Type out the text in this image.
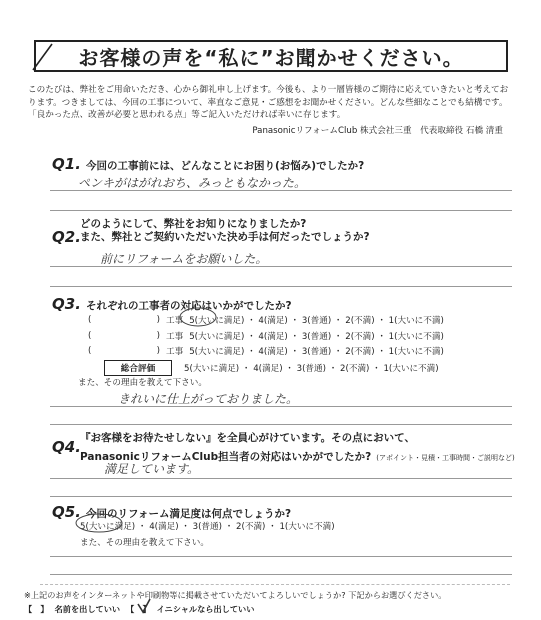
お客様の声を“私に”お聞かせください。
このたびは、弊社をご用命いただき、心から御礼申し上げます。今後も、より一層皆様のご期待に応えていきたいと考えております。つきましては、今回の工事について、率直なご意見・ご感想をお聞かせください。どんな些細なことでも結構です。「良かった点、改善が必要と思われる点」等ご記入いただければ幸いに存じます。
PanasonicリフォームClub 株式会社三重　代表取締役 石橋 清重
Q1. 今回の工事前には、どんなことにお困り(お悩み)でしたか?
ペンキがはがれおち、みっともなかった。
Q2.
どのようにして、弊社をお知りになりましたか?
また、弊社とご契約いただいた決め手は何だったでしょうか?
前にリフォームをお願いした。
Q3. それぞれの工事者の対応はいかがでしたか?
(	) 工事 5(大いに満足) ・ 4(満足) ・ 3(普通) ・ 2(不満) ・ 1(大いに不満)
(	) 工事 5(大いに満足) ・ 4(満足) ・ 3(普通) ・ 2(不満) ・ 1(大いに不満)
(	) 工事 5(大いに満足) ・ 4(満足) ・ 3(普通) ・ 2(不満) ・ 1(大いに不満)
総合評価	5(大いに満足) ・ 4(満足) ・ 3(普通) ・ 2(不満) ・ 1(大いに不満)
また、その理由を教えて下さい。
きれいに仕上がっておりました。
Q4. 『お客様をお待たせしない』を全員心がけています。その点において、
PanasonicリフォームClub担当者の対応はいかがでしたか? (アポイント・見積・工事時間・ご説明など)
満足しています。
Q5. 今回のリフォーム満足度は何点でしょうか?
5(大いに満足) ・ 4(満足) ・ 3(普通) ・ 2(不満) ・ 1(大いに不満)
また、その理由を教えて下さい。
※上記のお声をインターネットや印刷物等に掲載させていただいてよろしいでしょうか? 下記からお選びください。
【　】 名前を出していい 【　】 イニシャルなら出していい
